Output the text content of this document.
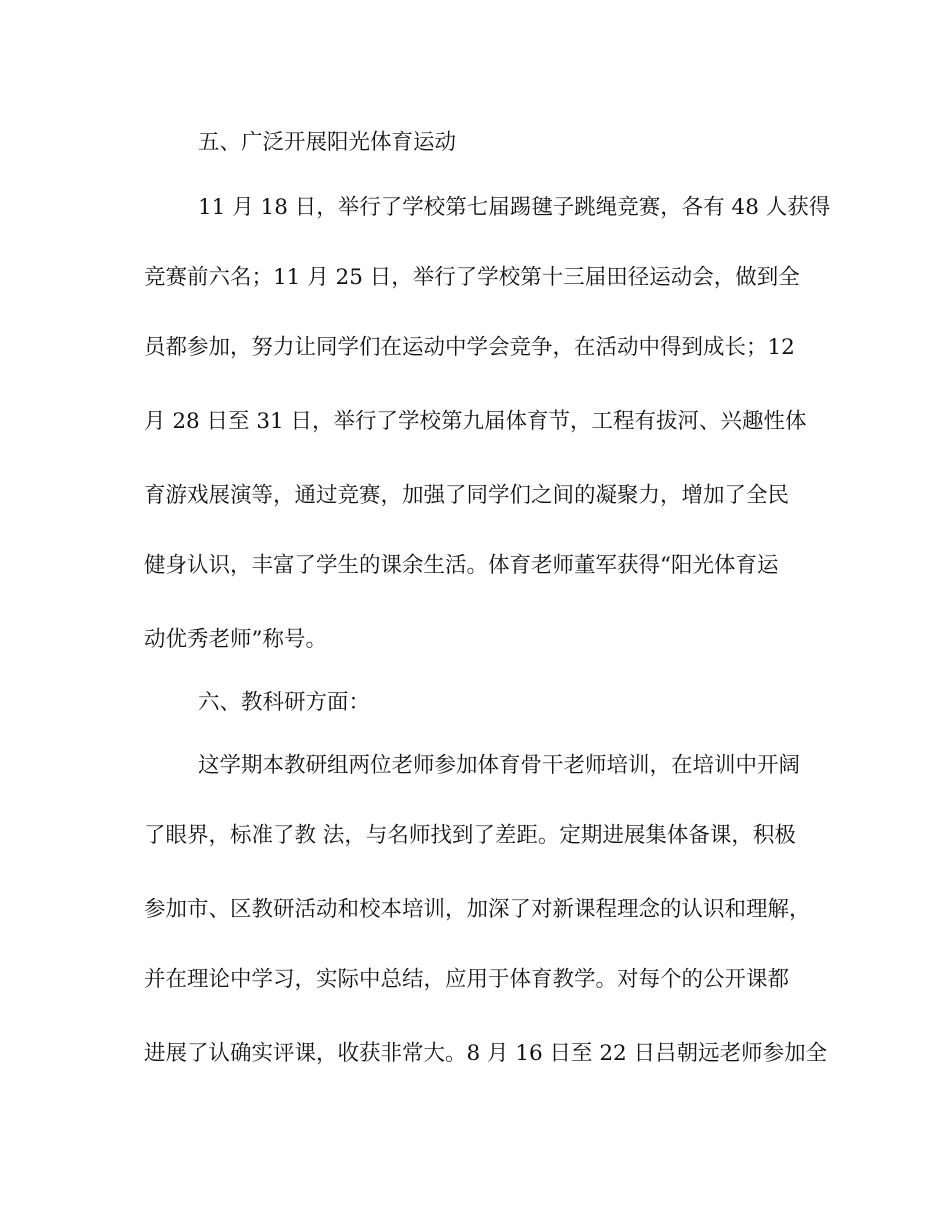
五、广泛开展阳光体育运动
11 月 18 日，举行了学校第七届踢毽子跳绳竞赛，各有 48 人获得
竞赛前六名；11 月 25 日，举行了学校第十三届田径运动会，做到全
员都参加，努力让同学们在运动中学会竞争，在活动中得到成长；12
月 28 日至 31 日，举行了学校第九届体育节，工程有拔河、兴趣性体
育游戏展演等，通过竞赛，加强了同学们之间的凝聚力，增加了全民
健身认识，丰富了学生的课余生活。体育老师董军获得“阳光体育运
动优秀老师”称号。
六、教科研方面：
这学期本教研组两位老师参加体育骨干老师培训，在培训中开阔
了眼界，标准了教 法，与名师找到了差距。定期进展集体备课，积极
参加市、区教研活动和校本培训，加深了对新课程理念的认识和理解，
并在理论中学习，实际中总结，应用于体育教学。对每个的公开课都
进展了认确实评课，收获非常大。8 月 16 日至 22 日吕朝远老师参加全
